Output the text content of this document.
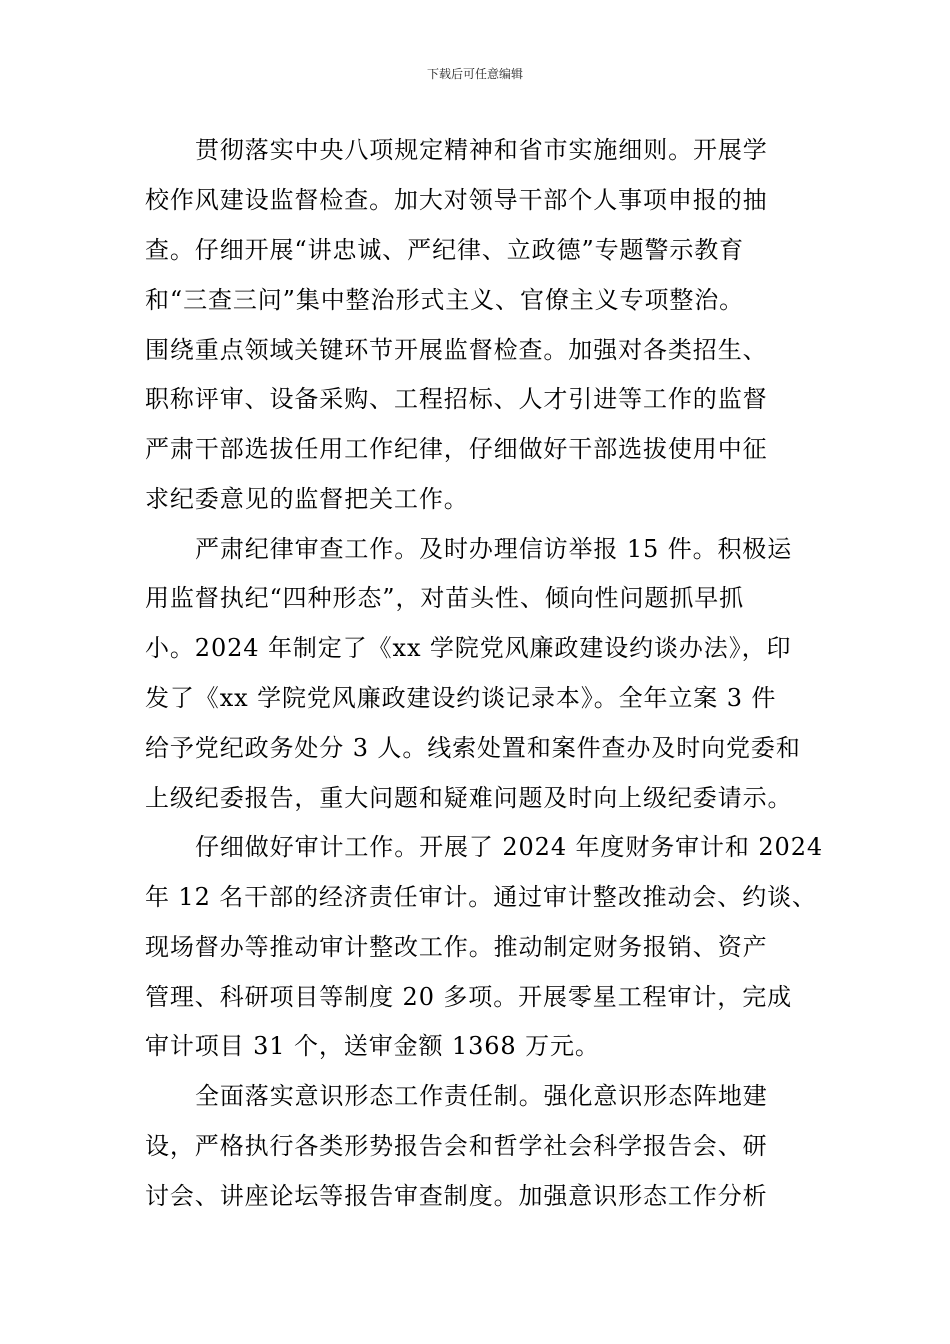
下载后可任意编辑
贯彻落实中央八项规定精神和省市实施细则。开展学
校作风建设监督检查。加大对领导干部个人事项申报的抽
查。仔细开展“讲忠诚、严纪律、立政德”专题警示教育
和“三查三问”集中整治形式主义、官僚主义专项整治。
围绕重点领域关键环节开展监督检查。加强对各类招生、
职称评审、设备采购、工程招标、人才引进等工作的监督
严肃干部选拔任用工作纪律，仔细做好干部选拔使用中征
求纪委意见的监督把关工作。
严肃纪律审查工作。及时办理信访举报 15 件。积极运
用监督执纪“四种形态”，对苗头性、倾向性问题抓早抓
小。2024 年制定了《xx 学院党风廉政建设约谈办法》，印
发了《xx 学院党风廉政建设约谈记录本》。全年立案 3 件
给予党纪政务处分 3 人。线索处置和案件查办及时向党委和
上级纪委报告，重大问题和疑难问题及时向上级纪委请示。
仔细做好审计工作。开展了 2024 年度财务审计和 2024
年 12 名干部的经济责任审计。通过审计整改推动会、约谈、
现场督办等推动审计整改工作。推动制定财务报销、资产
管理、科研项目等制度 20 多项。开展零星工程审计，完成
审计项目 31 个，送审金额 1368 万元。
全面落实意识形态工作责任制。强化意识形态阵地建
设，严格执行各类形势报告会和哲学社会科学报告会、研
讨会、讲座论坛等报告审查制度。加强意识形态工作分析
